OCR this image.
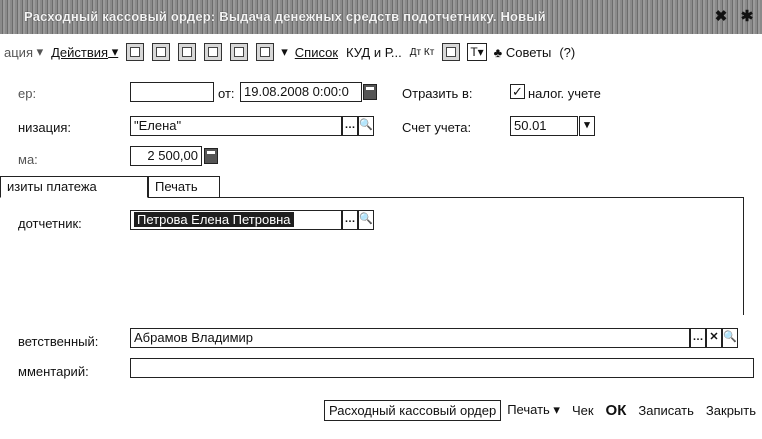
Расходный кассовый ордер: Выдача денежных средств подотчетнику. Новый	✖ ✱
ация ▾ Действия ▾	▾ Список КУД и Р... Дт Кт	T▾ ♣
Советы ( ? )
ер:	от: 19.08.2008 0:00:0	Отразить в:	✓ налог. учете
низация:	"Елена"	… 🔍 Счет учета:	50.01	▾
ма:	2 500,00
изиты платежа	Печать
дотчетник:	Петрова Елена Петровна	… 🔍
ветственный:	Абрамов Владимир	… ✕ 🔍
мментарий:
Расходный кассовый ордер Печать ▾ Чек ОК Записать Закрыть
